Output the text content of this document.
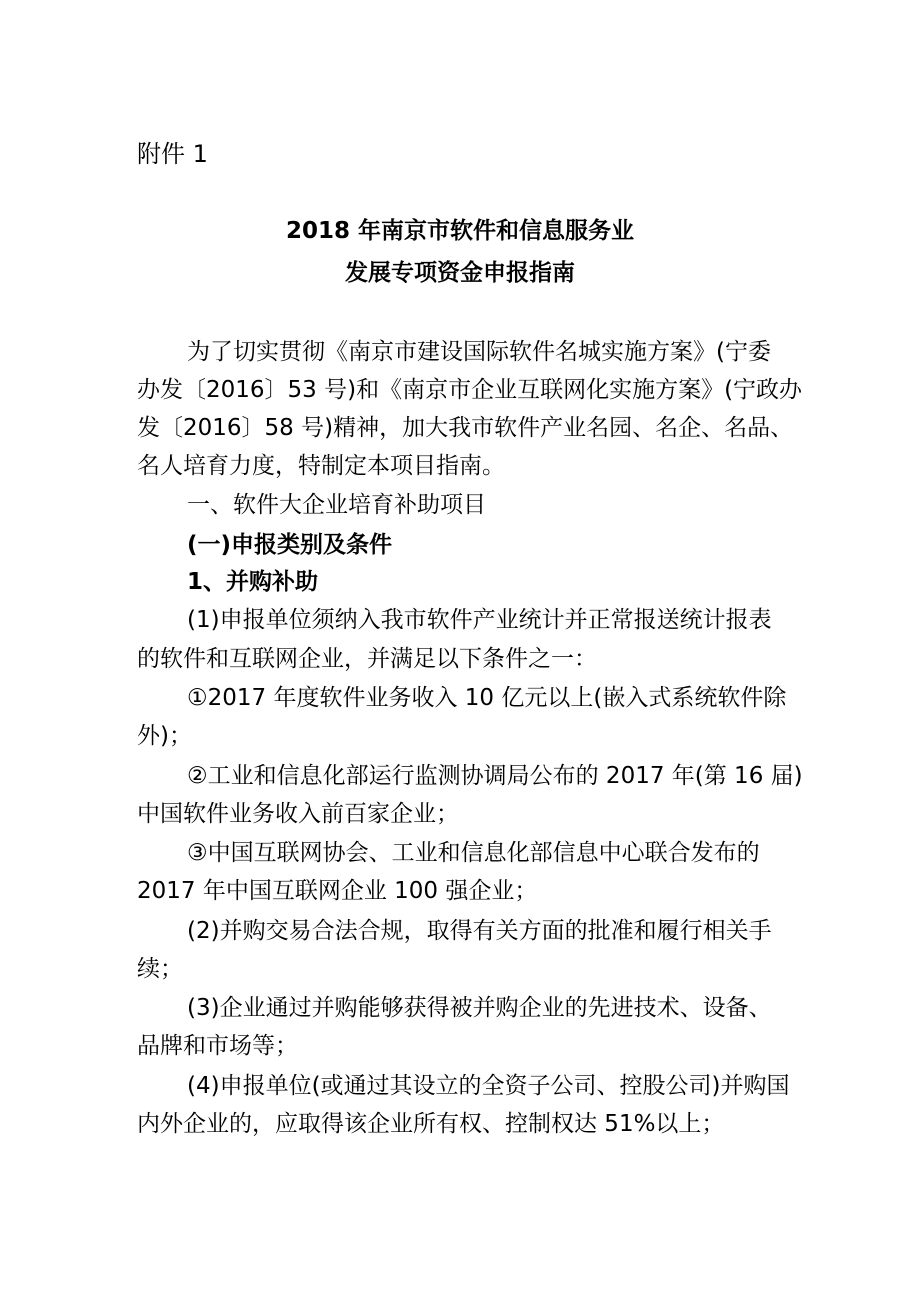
附件 1
2018 年南京市软件和信息服务业
发展专项资金申报指南
为了切实贯彻《南京市建设国际软件名城实施方案》(宁委
办发〔2016〕53 号)和《南京市企业互联网化实施方案》(宁政办
发〔2016〕58 号)精神，加大我市软件产业名园、名企、名品、
名人培育力度，特制定本项目指南。
一、软件大企业培育补助项目
(一)申报类别及条件
1、并购补助
(1)申报单位须纳入我市软件产业统计并正常报送统计报表
的软件和互联网企业，并满足以下条件之一：
①2017 年度软件业务收入 10 亿元以上(嵌入式系统软件除
外)；
②工业和信息化部运行监测协调局公布的 2017 年(第 16 届)
中国软件业务收入前百家企业；
③中国互联网协会、工业和信息化部信息中心联合发布的
2017 年中国互联网企业 100 强企业；
(2)并购交易合法合规，取得有关方面的批准和履行相关手
续；
(3)企业通过并购能够获得被并购企业的先进技术、设备、
品牌和市场等；
(4)申报单位(或通过其设立的全资子公司、控股公司)并购国
内外企业的，应取得该企业所有权、控制权达 51%以上；
